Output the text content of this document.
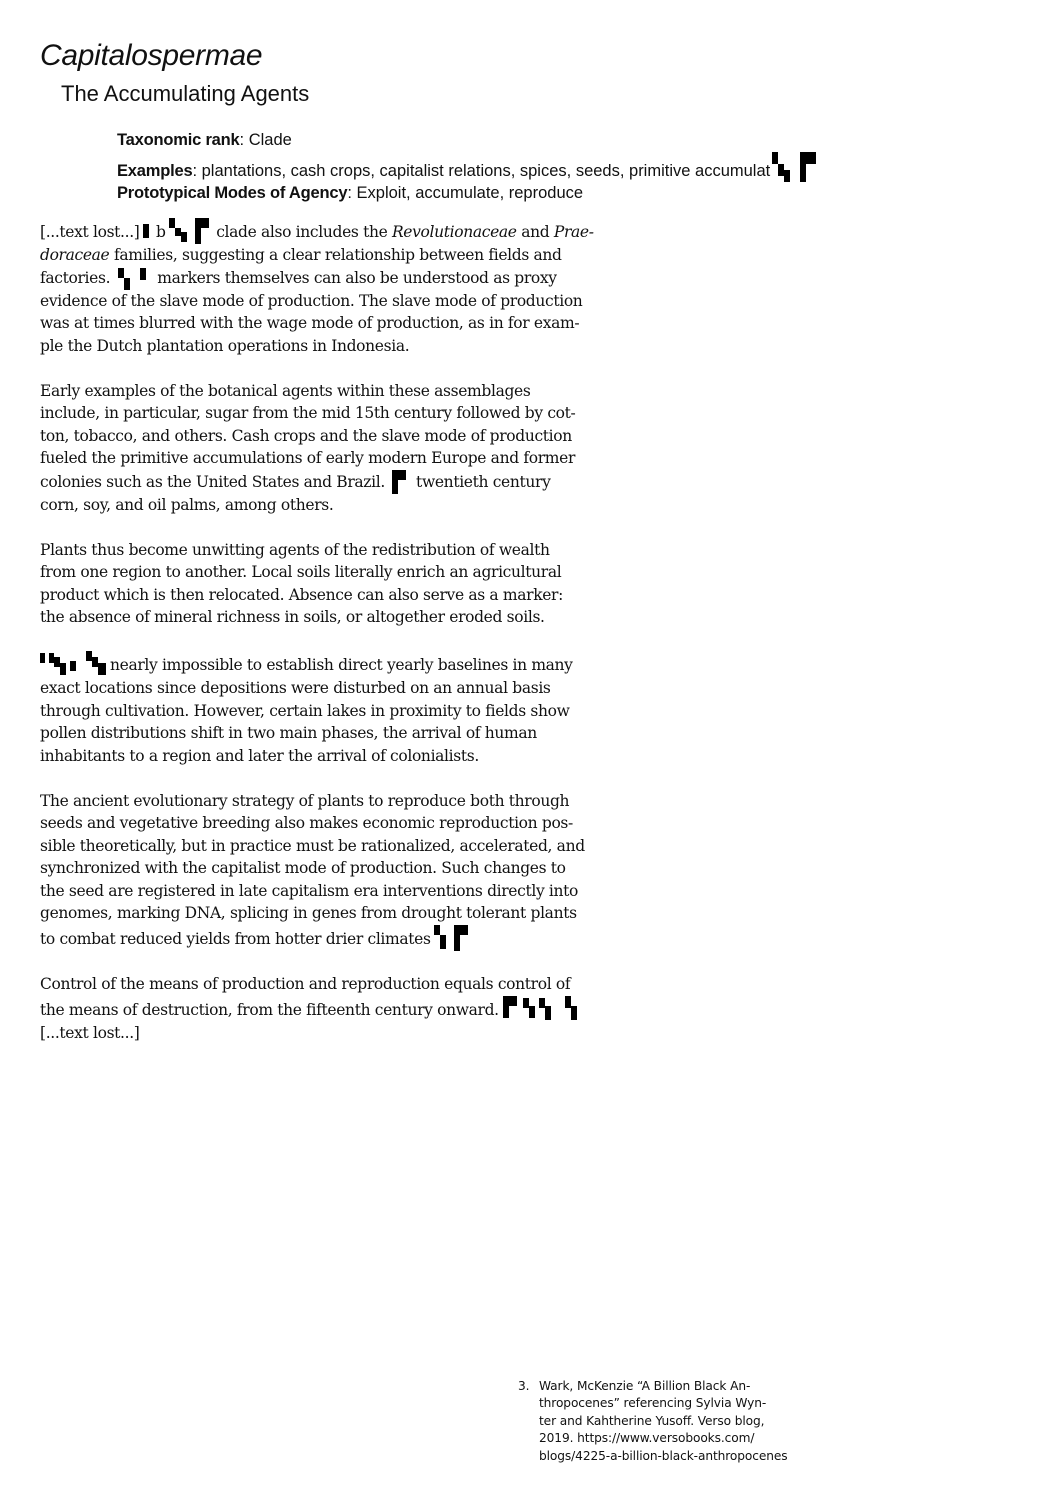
Capitalospermae
The Accumulating Agents
Taxonomic rank: Clade
Examples: plantations, cash crops, capitalist relations, spices, seeds, primitive accumulat
Prototypical Modes of Agency: Exploit, accumulate, reproduce

[...text lost...]
b	clade also includes the Revolutionaceae and Prae-
doraceae families, suggesting a clear relationship between fields and
factories.
markers themselves can also be understood as proxy
evidence of the slave mode of production. The slave mode of production
was at times blurred with the wage mode of production, as in for exam-
ple the Dutch plantation operations in Indonesia.

Early examples of the botanical agents within these assemblages
include, in particular, sugar from the mid 15th century followed by cot-
ton, tobacco, and others. Cash crops and the slave mode of production
fueled the primitive accumulations of early modern Europe and former
colonies such as the United States and Brazil.
twentieth century
corn, soy, and oil palms, among others.

Plants thus become unwitting agents of the redistribution of wealth
from one region to another. Local soils literally enrich an agricultural
product which is then relocated. Absence can also serve as a marker:
the absence of mineral richness in soils, or altogether eroded soils.

nearly impossible to establish direct yearly baselines in many
exact locations since depositions were disturbed on an annual basis
through cultivation. However, certain lakes in proximity to fields show
pollen distributions shift in two main phases, the arrival of human
inhabitants to a region and later the arrival of colonialists.

The ancient evolutionary strategy of plants to reproduce both through
seeds and vegetative breeding also makes economic reproduction pos-
sible theoretically, but in practice must be rationalized, accelerated, and
synchronized with the capitalist mode of production. Such changes to
the seed are registered in late capitalism era interventions directly into
genomes, marking DNA, splicing in genes from drought tolerant plants
to combat reduced yields from hotter drier climates

Control of the means of production and reproduction equals control of
the means of destruction, from the fifteenth century onward.
[...text lost...]

3. Wark, McKenzie “A Billion Black An-
thropocenes” referencing Sylvia Wyn-
ter and Kahtherine Yusoff. Verso blog,
2019. https://www.versobooks.com/
blogs/4225-a-billion-black-anthropocenes
